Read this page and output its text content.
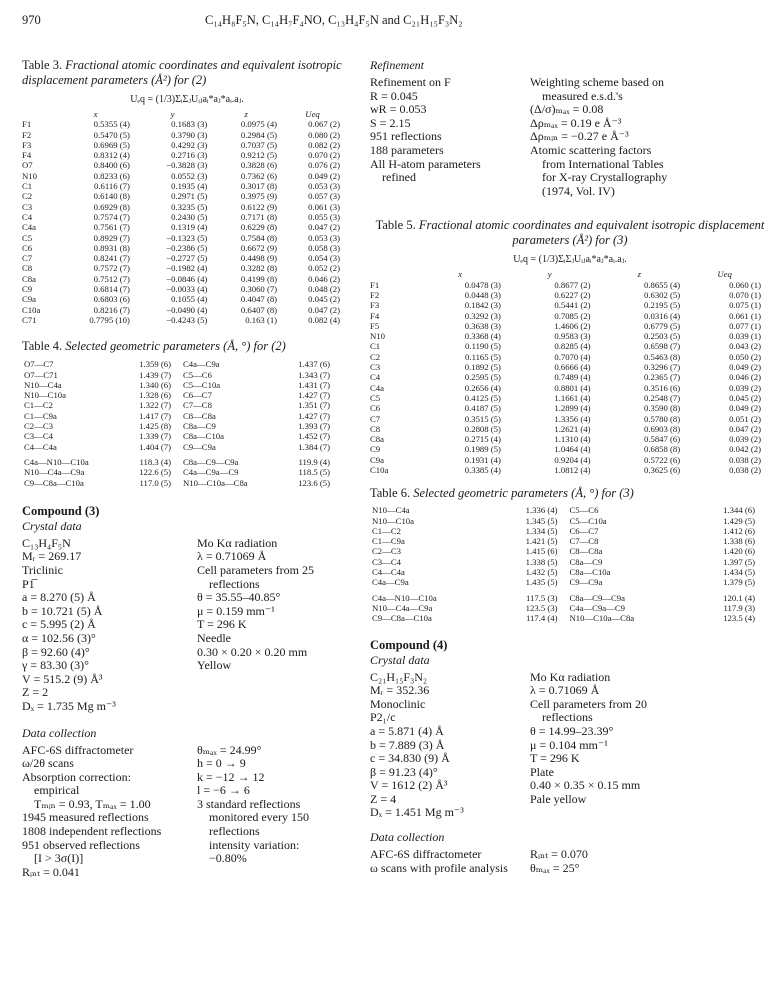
970	C₁₄H₈F₅N, C₁₄H₇F₄NO, C₁₃H₄F₅N and C₂₁H₁₅F₃N₂

Table 3. Fractional atomic coordinates and equivalent isotropic displacement parameters (Å²) for (2)

Uₑq = (1/3)ΣᵢΣⱼUᵢⱼaᵢ*aⱼ*aᵢ.aⱼ.
	x	y	z	Ueq
F1	0.5355 (4)	0.1683 (3)	0.0975 (4)	0.067 (2)
F2	0.5470 (5)	0.3790 (3)	0.2984 (5)	0.080 (2)
F3	0.6969 (5)	0.4292 (3)	0.7037 (5)	0.082 (2)
F4	0.8312 (4)	0.2716 (3)	0.9212 (5)	0.070 (2)
O7	0.8400 (6)	−0.3828 (3)	0.3828 (6)	0.076 (2)
N10	0.8233 (6)	0.0552 (3)	0.7362 (6)	0.049 (2)
C1	0.6116 (7)	0.1935 (4)	0.3017 (8)	0.053 (3)
C2	0.6140 (8)	0.2971 (5)	0.3975 (9)	0.057 (3)
C3	0.6929 (8)	0.3235 (5)	0.6122 (9)	0.061 (3)
C4	0.7574 (7)	0.2430 (5)	0.7171 (8)	0.055 (3)
C4a	0.7561 (7)	0.1319 (4)	0.6229 (8)	0.047 (2)
C5	0.8929 (7)	−0.1323 (5)	0.7584 (8)	0.053 (3)
C6	0.8931 (8)	−0.2386 (5)	0.6672 (9)	0.058 (3)
C7	0.8241 (7)	−0.2727 (5)	0.4498 (9)	0.054 (3)
C8	0.7572 (7)	−0.1982 (4)	0.3282 (8)	0.052 (2)
C8a	0.7512 (7)	−0.0846 (4)	0.4199 (8)	0.046 (2)
C9	0.6814 (7)	−0.0033 (4)	0.3060 (7)	0.048 (2)
C9a	0.6803 (6)	0.1055 (4)	0.4047 (8)	0.045 (2)
C10a	0.8216 (7)	−0.0490 (4)	0.6407 (8)	0.047 (2)
C71	0.7795 (10)	−0.4243 (5)	0.163 (1)	0.082 (4)

Table 4. Selected geometric parameters (Å, °) for (2)

O7—C7	1.359 (6)	C4a—C9a	1.437 (6)
O7—C71	1.439 (7)	C5—C6	1.343 (7)
N10—C4a	1.340 (6)	C5—C10a	1.431 (7)
N10—C10a	1.328 (6)	C6—C7	1.427 (7)
C1—C2	1.322 (7)	C7—C8	1.351 (7)
C1—C9a	1.417 (7)	C8—C8a	1.427 (7)
C2—C3	1.425 (8)	C8a—C9	1.393 (7)
C3—C4	1.339 (7)	C8a—C10a	1.452 (7)
C4—C4a	1.404 (7)	C9—C9a	1.384 (7)
C4a—N10—C10a	118.3 (4)	C8a—C9—C9a	119.9 (4)
N10—C4a—C9a	122.6 (5)	C4a—C9a—C9	118.5 (5)
C9—C8a—C10a	117.0 (5)	N10—C10a—C8a	123.6 (5)

Compound (3)

Crystal data

C₁₃H₄F₅N
Mᵣ = 269.17
Triclinic
P1̅
a = 8.270 (5) Å
b = 10.721 (5) Å
c = 5.995 (2) Å
α = 102.56 (3)°
β = 92.60 (4)°
γ = 83.30 (3)°
V = 515.2 (9) Å³
Z = 2
Dₓ = 1.735 Mg m⁻³
Mo Kα radiation
λ = 0.71069 Å
Cell parameters from 25
reflections
θ = 35.55–40.85°
μ = 0.159 mm⁻¹
T = 296 K
Needle
0.30 × 0.20 × 0.20 mm
Yellow

Data collection

AFC-6S diffractometer
ω/2θ scans
Absorption correction:
empirical
Tₘᵢₙ = 0.93, Tₘₐₓ = 1.00
1945 measured reflections
1808 independent reflections
951 observed reflections
[I > 3σ(I)]
Rᵢₙₜ = 0.041
θₘₐₓ = 24.99°
h = 0 → 9
k = −12 → 12
l = −6 → 6
3 standard reflections
monitored every 150
reflections
intensity variation:
−0.80%

Refinement

Refinement on F
R = 0.045
wR = 0.053
S = 2.15
951 reflections
188 parameters
All H-atom parameters
refined
Weighting scheme based on
measured e.s.d.'s
(Δ/σ)ₘₐₓ = 0.08
Δρₘₐₓ = 0.19 e Å⁻³
Δρₘᵢₙ = −0.27 e Å⁻³
Atomic scattering factors
from International Tables
for X-ray Crystallography
(1974, Vol. IV)

Table 5. Fractional atomic coordinates and equivalent isotropic displacement parameters (Å²) for (3)

Uₑq = (1/3)ΣᵢΣⱼUᵢⱼaᵢ*aⱼ*aᵢ.aⱼ.
	x	y	z	Ueq
F1	0.0478 (3)	0.8677 (2)	0.8655 (4)	0.060 (1)
F2	0.0448 (3)	0.6227 (2)	0.6302 (5)	0.070 (1)
F3	0.1842 (3)	0.5441 (2)	0.2195 (5)	0.075 (1)
F4	0.3292 (3)	0.7085 (2)	0.0316 (4)	0.061 (1)
F5	0.3638 (3)	1.4606 (2)	0.6779 (5)	0.077 (1)
N10	0.3368 (4)	0.9583 (3)	0.2503 (5)	0.039 (1)
C1	0.1190 (5)	0.8285 (4)	0.6598 (7)	0.043 (2)
C2	0.1165 (5)	0.7070 (4)	0.5463 (8)	0.050 (2)
C3	0.1892 (5)	0.6666 (4)	0.3296 (7)	0.049 (2)
C4	0.2595 (5)	0.7489 (4)	0.2365 (7)	0.046 (2)
C4a	0.2656 (4)	0.8801 (4)	0.3516 (6)	0.039 (2)
C5	0.4125 (5)	1.1661 (4)	0.2548 (7)	0.045 (2)
C6	0.4187 (5)	1.2899 (4)	0.3590 (8)	0.049 (2)
C7	0.3515 (5)	1.3356 (4)	0.5780 (8)	0.051 (2)
C8	0.2808 (5)	1.2621 (4)	0.6903 (8)	0.047 (2)
C8a	0.2715 (4)	1.1310 (4)	0.5847 (6)	0.039 (2)
C9	0.1989 (5)	1.0464 (4)	0.6858 (8)	0.042 (2)
C9a	0.1931 (4)	0.9204 (4)	0.5722 (6)	0.038 (2)
C10a	0.3385 (4)	1.0812 (4)	0.3625 (6)	0.038 (2)

Table 6. Selected geometric parameters (Å, °) for (3)

N10—C4a	1.336 (4)	C5—C6	1.344 (6)
N10—C10a	1.345 (5)	C5—C10a	1.429 (5)
C1—C2	1.334 (5)	C6—C7	1.412 (6)
C1—C9a	1.421 (5)	C7—C8	1.338 (6)
C2—C3	1.415 (6)	C8—C8a	1.420 (6)
C3—C4	1.338 (5)	C8a—C9	1.397 (5)
C4—C4a	1.432 (5)	C8a—C10a	1.434 (5)
C4a—C9a	1.435 (5)	C9—C9a	1.379 (5)
C4a—N10—C10a	117.5 (3)	C8a—C9—C9a	120.1 (4)
N10—C4a—C9a	123.5 (3)	C4a—C9a—C9	117.9 (3)
C9—C8a—C10a	117.4 (4)	N10—C10a—C8a	123.5 (4)

Compound (4)

Crystal data

C₂₁H₁₅F₃N₂
Mᵣ = 352.36
Monoclinic
P2₁/c
a = 5.871 (4) Å
b = 7.889 (3) Å
c = 34.830 (9) Å
β = 91.23 (4)°
V = 1612 (2) Å³
Z = 4
Dₓ = 1.451 Mg m⁻³
Mo Kα radiation
λ = 0.71069 Å
Cell parameters from 20
reflections
θ = 14.99–23.39°
μ = 0.104 mm⁻¹
T = 296 K
Plate
0.40 × 0.35 × 0.15 mm
Pale yellow

Data collection

AFC-6S diffractometer
ω scans with profile analysis
Rᵢₙₜ = 0.070
θₘₐₓ = 25°
